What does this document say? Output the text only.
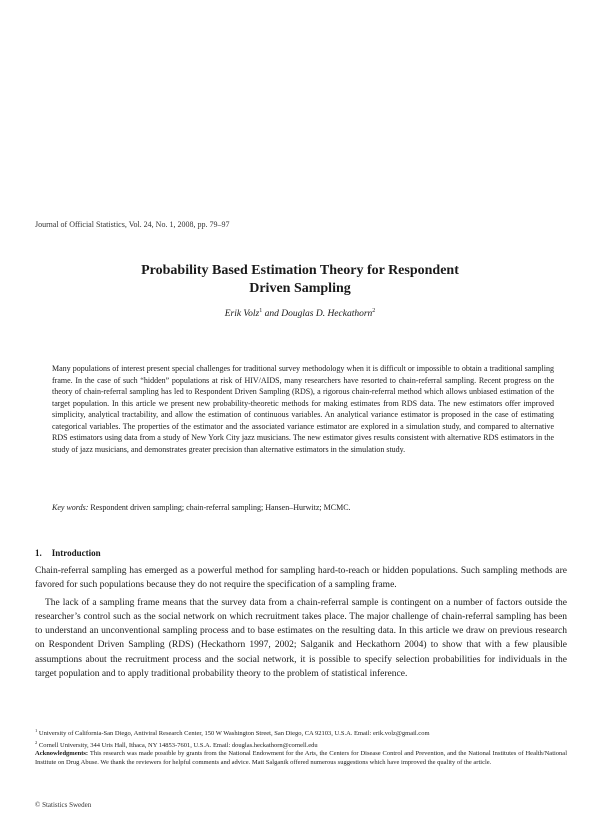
Journal of Official Statistics, Vol. 24, No. 1, 2008, pp. 79–97
Probability Based Estimation Theory for Respondent
Driven Sampling
Erik Volz$^1$ and Douglas D. Heckathorn$^2$
Many populations of interest present special challenges for traditional survey methodology when it is difficult or impossible to obtain a traditional sampling frame. In the case of such “hidden” populations at risk of HIV/AIDS, many researchers have resorted to chain-referral sampling. Recent progress on the theory of chain-referral sampling has led to Respondent Driven Sampling (RDS), a rigorous chain-referral method which allows unbiased estimation of the target population. In this article we present new probability-theoretic methods for making estimates from RDS data. The new estimators offer improved simplicity, analytical tractability, and allow the estimation of continuous variables. An analytical variance estimator is proposed in the case of estimating categorical variables. The properties of the estimator and the associated variance estimator are explored in a simulation study, and compared to alternative RDS estimators using data from a study of New York City jazz musicians. The new estimator gives results consistent with alternative RDS estimators in the study of jazz musicians, and demonstrates greater precision than alternative estimators in the simulation study.
Key words: Respondent driven sampling; chain-referral sampling; Hansen–Hurwitz; MCMC.
1. Introduction

Chain-referral sampling has emerged as a powerful method for sampling hard-to-reach or hidden populations. Such sampling methods are favored for such populations because they do not require the specification of a sampling frame.

The lack of a sampling frame means that the survey data from a chain-referral sample is contingent on a number of factors outside the researcher’s control such as the social network on which recruitment takes place. The major challenge of chain-referral sampling has been to understand an unconventional sampling process and to base estimates on the resulting data. In this article we draw on previous research on Respondent Driven Sampling (RDS) (Heckathorn 1997, 2002; Salganik and Heckathorn 2004) to show that with a few plausible assumptions about the recruitment process and the social network, it is possible to specify selection probabilities for individuals in the target population and to apply traditional probability theory to the problem of statistical inference.

$^1$ University of California-San Diego, Antiviral Research Center, 150 W Washington Street, San Diego, CA 92103, U.S.A. Email: erik.volz@gmail.com

$^2$ Cornell University, 344 Uris Hall, Ithaca, NY 14853-7601, U.S.A. Email: douglas.heckathorn@cornell.edu

Acknowledgments: This research was made possible by grants from the National Endowment for the Arts, the Centers for Disease Control and Prevention, and the National Institutes of Health/National Institute on Drug Abuse. We thank the reviewers for helpful comments and advice. Matt Salganik offered numerous suggestions which have improved the quality of the article.

© Statistics Sweden
